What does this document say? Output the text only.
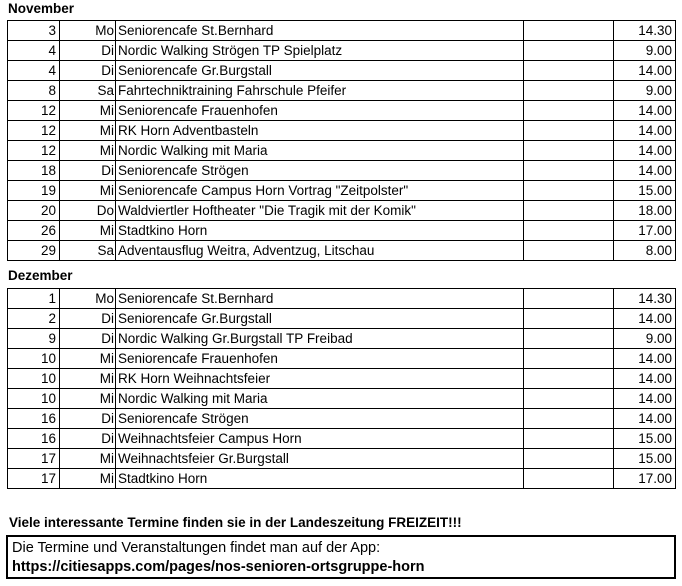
November
3	Mo	Seniorencafe St.Bernhard		14.30
4	Di	Nordic Walking Strögen TP Spielplatz		9.00
4	Di	Seniorencafe Gr.Burgstall		14.00
8	Sa	Fahrtechniktraining Fahrschule Pfeifer		9.00
12	Mi	Seniorencafe Frauenhofen		14.00
12	Mi	RK Horn Adventbasteln		14.00
12	Mi	Nordic Walking mit Maria		14.00
18	Di	Seniorencafe Strögen		14.00
19	Mi	Seniorencafe Campus Horn Vortrag "Zeitpolster"		15.00
20	Do	Waldviertler Hoftheater "Die Tragik mit der Komik"		18.00
26	Mi	Stadtkino Horn		17.00
29	Sa	Adventausflug Weitra, Adventzug, Litschau		8.00
Dezember
1	Mo	Seniorencafe St.Bernhard		14.30
2	Di	Seniorencafe Gr.Burgstall		14.00
9	Di	Nordic Walking Gr.Burgstall TP Freibad		9.00
10	Mi	Seniorencafe Frauenhofen		14.00
10	Mi	RK Horn Weihnachtsfeier		14.00
10	Mi	Nordic Walking mit Maria		14.00
16	Di	Seniorencafe Strögen		14.00
16	Di	Weihnachtsfeier Campus Horn		15.00
17	Mi	Weihnachtsfeier Gr.Burgstall		15.00
17	Mi	Stadtkino Horn		17.00
Viele interessante Termine finden sie in der Landeszeitung FREIZEIT!!!
Die Termine und Veranstaltungen findet man auf der App:
https://citiesapps.com/pages/nos-senioren-ortsgruppe-horn
